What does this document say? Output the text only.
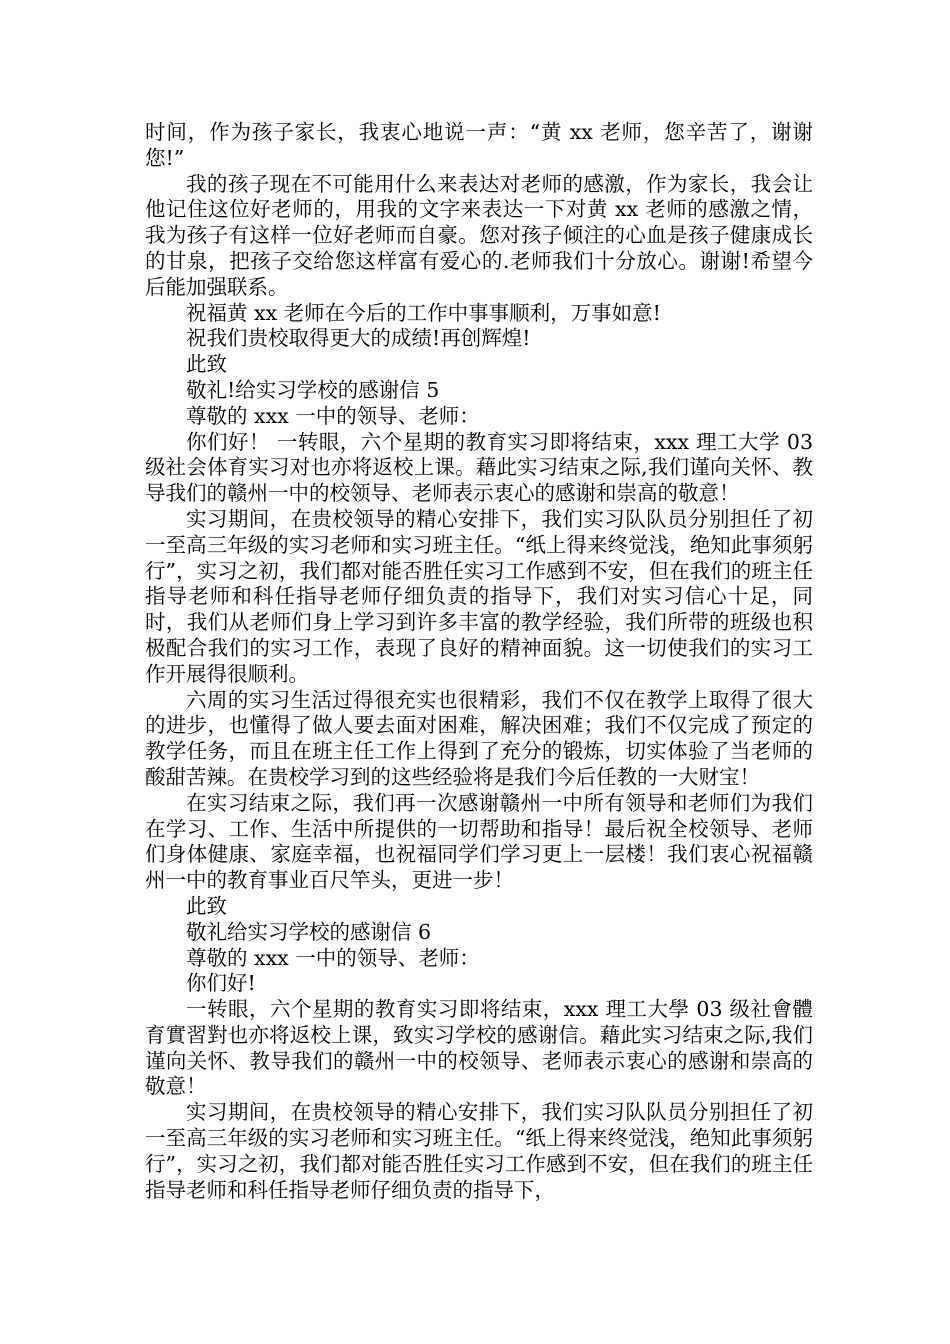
时间，作为孩子家长，我衷心地说一声：“黄 xx 老师，您辛苦了，谢谢您!”

我的孩子现在不可能用什么来表达对老师的感激，作为家长，我会让他记住这位好老师的，用我的文字来表达一下对黄 xx 老师的感激之情，我为孩子有这样一位好老师而自豪。您对孩子倾注的心血是孩子健康成长的甘泉，把孩子交给您这样富有爱心的.老师我们十分放心。谢谢!希望今后能加强联系。

祝福黄 xx 老师在今后的工作中事事顺利，万事如意!

祝我们贵校取得更大的成绩!再创辉煌!

此致

敬礼!给实习学校的感谢信 5

尊敬的 xxx 一中的领导、老师：

你们好！ 一转眼，六个星期的教育实习即将结束，xxx 理工大学 03 级社会体育实习对也亦将返校上课。藉此实习结束之际,我们谨向关怀、教导我们的赣州一中的校领导、老师表示衷心的感谢和崇高的敬意！

实习期间，在贵校领导的精心安排下，我们实习队队员分别担任了初一至高三年级的实习老师和实习班主任。“纸上得来终觉浅，绝知此事须躬行”，实习之初，我们都对能否胜任实习工作感到不安，但在我们的班主任指导老师和科任指导老师仔细负责的指导下，我们对实习信心十足，同时，我们从老师们身上学习到许多丰富的教学经验，我们所带的班级也积极配合我们的实习工作，表现了良好的精神面貌。这一切使我们的实习工作开展得很顺利。

六周的实习生活过得很充实也很精彩，我们不仅在教学上取得了很大的进步，也懂得了做人要去面对困难，解决困难；我们不仅完成了预定的教学任务，而且在班主任工作上得到了充分的锻炼，切实体验了当老师的酸甜苦辣。在贵校学习到的这些经验将是我们今后任教的一大财宝！

在实习结束之际，我们再一次感谢赣州一中所有领导和老师们为我们在学习、工作、生活中所提供的一切帮助和指导！最后祝全校领导、老师们身体健康、家庭幸福，也祝福同学们学习更上一层楼！我们衷心祝福赣州一中的教育事业百尺竿头，更进一步！

此致

敬礼给实习学校的感谢信 6

尊敬的 xxx 一中的领导、老师：

你们好!

一转眼，六个星期的教育实习即将结束，xxx 理工大學 03 级社會體育實習對也亦将返校上课，致实习学校的感谢信。藉此实习结束之际,我们谨向关怀、教导我们的赣州一中的校领导、老师表示衷心的感谢和崇高的敬意！

实习期间，在贵校领导的精心安排下，我们实习队队员分别担任了初一至高三年级的实习老师和实习班主任。“纸上得来终觉浅，绝知此事须躬行”，实习之初，我们都对能否胜任实习工作感到不安，但在我们的班主任指导老师和科任指导老师仔细负责的指导下，
